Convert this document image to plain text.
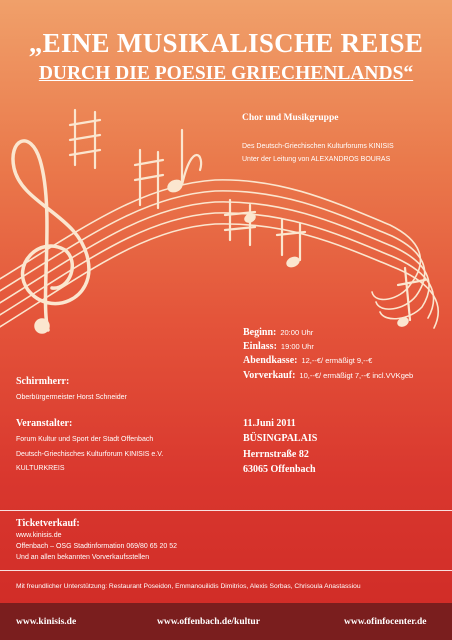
„EINE MUSIKALISCHE REISE
DURCH DIE POESIE GRIECHENLANDS“
Chor und Musikgruppe
Des Deutsch-Griechischen Kulturforums KINISIS
Unter der Leitung von ALEXANDROS BOURAS
Beginn: 20:00 Uhr
Einlass: 19:00 Uhr
Abendkasse: 12,--€/ ermäßigt 9,--€
Vorverkauf: 10,--€/ ermäßigt 7,--€ incl.VVKgeb
Schirmherr:
Oberbürgermeister Horst Schneider
Veranstalter:
Forum Kultur und Sport der Stadt Offenbach
Deutsch-Griechisches Kulturforum KINISIS e.V.
KULTURKREIS
11.Juni 2011
BÜSINGPALAIS
Herrnstraße 82
63065 Offenbach
Ticketverkauf:
www.kinisis.de
Offenbach – OSG Stadtinformation 069/80 65 20 52
Und an allen bekannten Vorverkaufsstellen
Mit freundlicher Unterstützung: Restaurant Poseidon, Emmanouilidis Dimitrios, Alexis Sorbas, Chrisoula Anastassiou
www.kinisis.de	www.offenbach.de/kultur	www.ofinfocenter.de
